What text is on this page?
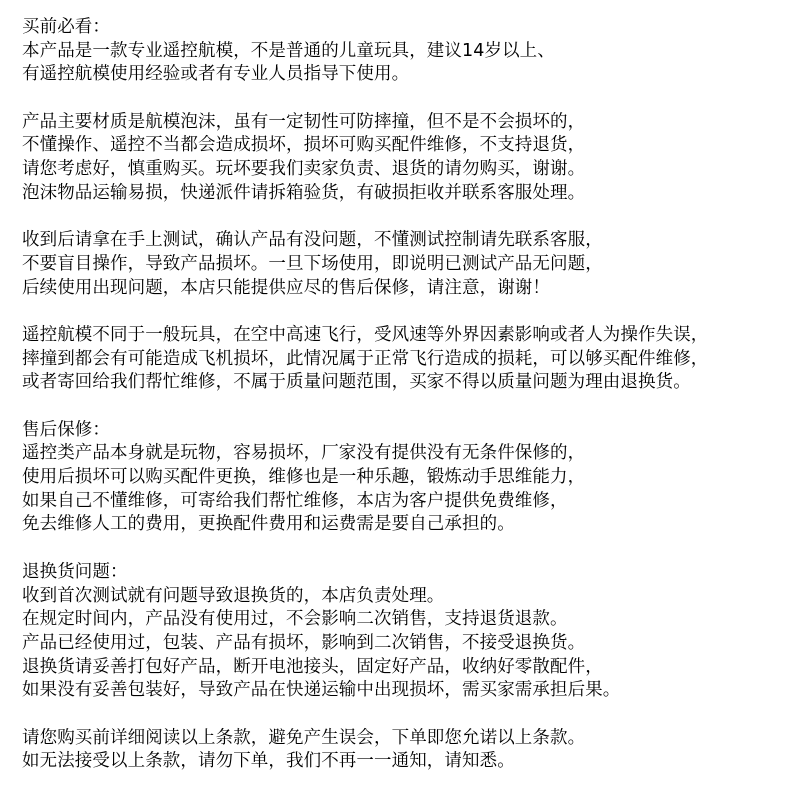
买前必看：
本产品是一款专业遥控航模，不是普通的儿童玩具，建议14岁以上、
有遥控航模使用经验或者有专业人员指导下使用。
产品主要材质是航模泡沫，虽有一定韧性可防摔撞，但不是不会损坏的，
不懂操作、遥控不当都会造成损坏，损坏可购买配件维修，不支持退货，
请您考虑好，慎重购买。玩坏要我们卖家负责、退货的请勿购买，谢谢。
泡沫物品运输易损，快递派件请拆箱验货，有破损拒收并联系客服处理。
收到后请拿在手上测试，确认产品有没问题，不懂测试控制请先联系客服，
不要盲目操作，导致产品损坏。一旦下场使用，即说明已测试产品无问题，
后续使用出现问题，本店只能提供应尽的售后保修，请注意，谢谢！
遥控航模不同于一般玩具，在空中高速飞行，受风速等外界因素影响或者人为操作失误，
摔撞到都会有可能造成飞机损坏，此情况属于正常飞行造成的损耗，可以够买配件维修，
或者寄回给我们帮忙维修，不属于质量问题范围，买家不得以质量问题为理由退换货。
售后保修：
遥控类产品本身就是玩物，容易损坏，厂家没有提供没有无条件保修的，
使用后损坏可以购买配件更换，维修也是一种乐趣，锻炼动手思维能力，
如果自己不懂维修，可寄给我们帮忙维修，本店为客户提供免费维修，
免去维修人工的费用，更换配件费用和运费需是要自己承担的。
退换货问题：
收到首次测试就有问题导致退换货的，本店负责处理。
在规定时间内，产品没有使用过，不会影响二次销售，支持退货退款。
产品已经使用过，包装、产品有损坏，影响到二次销售，不接受退换货。
退换货请妥善打包好产品，断开电池接头，固定好产品，收纳好零散配件，
如果没有妥善包装好，导致产品在快递运输中出现损坏，需买家需承担后果。
请您购买前详细阅读以上条款，避免产生误会，下单即您允诺以上条款。
如无法接受以上条款，请勿下单，我们不再一一通知，请知悉。
